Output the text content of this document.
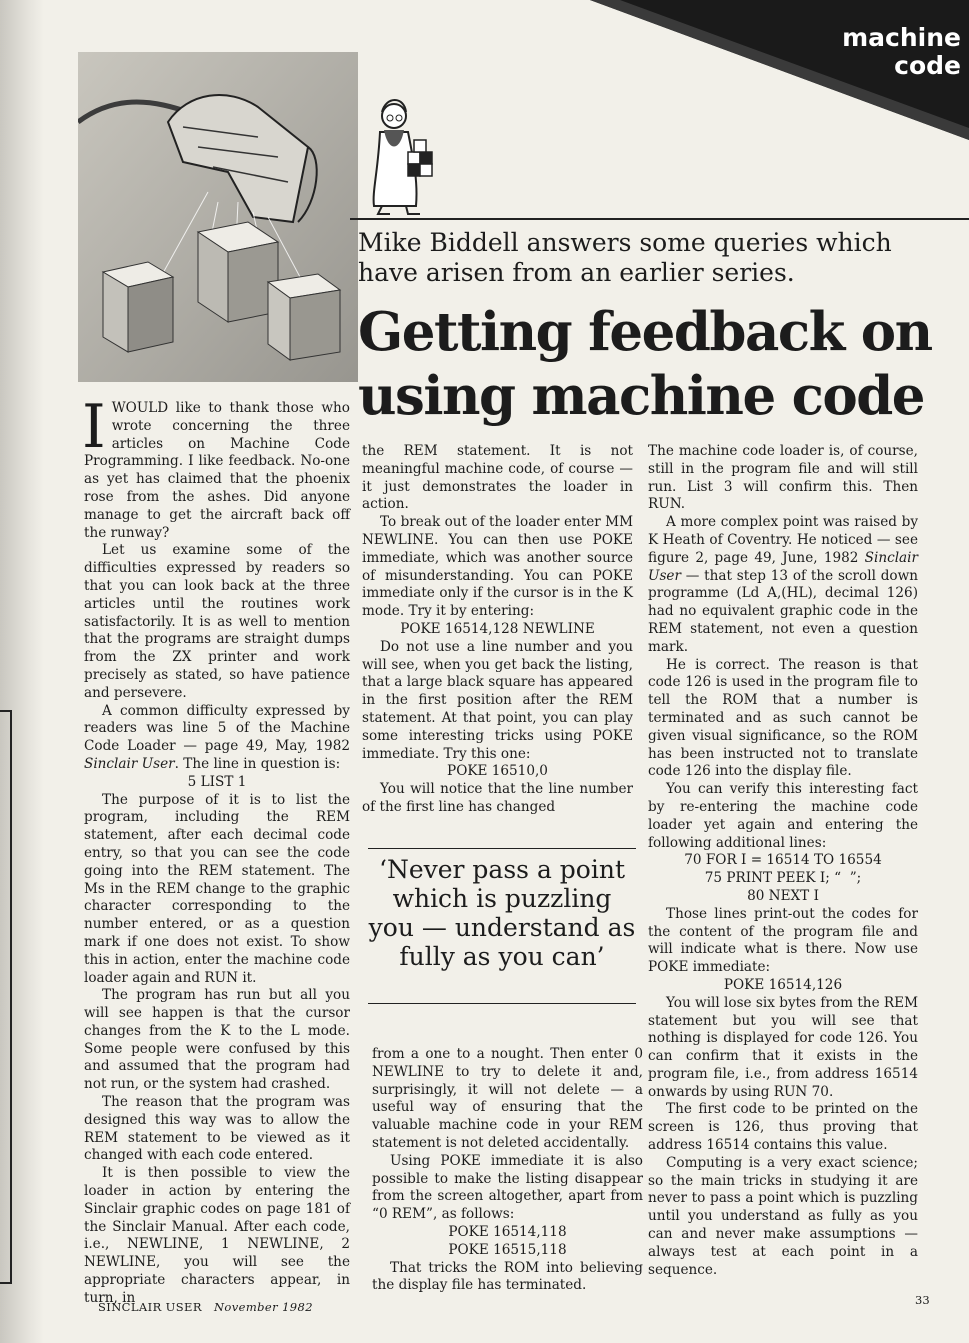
machine
code
Mike Biddell answers some queries which have arisen from an earlier series.
Getting feedback on using machine code

IWOULD like to thank those who wrote concerning the three articles on Machine Code Programming. I like feedback. No-one as yet has claimed that the phoenix rose from the ashes. Did anyone manage to get the aircraft back off the runway?

Let us examine some of the difficulties expressed by readers so that you can look back at the three articles until the routines work satisfactorily. It is as well to mention that the programs are straight dumps from the ZX printer and work precisely as stated, so have patience and persevere.

A common difficulty expressed by readers was line 5 of the Machine Code Loader — page 49, May, 1982 Sinclair User. The line in question is:

5 LIST 1

The purpose of it is to list the program, including the REM statement, after each decimal code entry, so that you can see the code going into the REM statement. The Ms in the REM change to the graphic character corresponding to the number entered, or as a question mark if one does not exist. To show this in action, enter the machine code loader again and RUN it.

The program has run but all you will see happen is that the cursor changes from the K to the L mode. Some people were confused by this and assumed that the program had not run, or the system had crashed.

The reason that the program was designed this way was to allow the REM statement to be viewed as it changed with each code entered.

It is then possible to view the loader in action by entering the Sinclair graphic codes on page 181 of the Sinclair Manual. After each code, i.e., NEWLINE, 1 NEWLINE, 2 NEWLINE, you will see the appropriate characters appear, in turn, in

the REM statement. It is not meaningful machine code, of course — it just demonstrates the loader in action.

To break out of the loader enter MM NEWLINE. You can then use POKE immediate, which was another source of misunderstanding. You can POKE immediate only if the cursor is in the K mode. Try it by entering:

POKE 16514,128 NEWLINE

Do not use a line number and you will see, when you get back the listing, that a large black square has appeared in the first position after the REM statement. At that point, you can play some interesting tricks using POKE immediate. Try this one:

POKE 16510,0

You will notice that the line number of the first line has changed

‘Never pass a point which is puzzling you — understand as fully as you can’

from a one to a nought. Then enter 0 NEWLINE to try to delete it and, surprisingly, it will not delete — a useful way of ensuring that the valuable machine code in your REM statement is not deleted accidentally.

Using POKE immediate it is also possible to make the listing disappear from the screen altogether, apart from “0 REM”, as follows:

POKE 16514,118

POKE 16515,118

That tricks the ROM into believing the display file has terminated.

The machine code loader is, of course, still in the program file and will still run. List 3 will confirm this. Then RUN.

A more complex point was raised by K Heath of Coventry. He noticed — see figure 2, page 49, June, 1982 Sinclair User — that step 13 of the scroll down programme (Ld A,(HL), decimal 126) had no equivalent graphic code in the REM statement, not even a question mark.

He is correct. The reason is that code 126 is used in the program file to tell the ROM that a number is terminated and as such cannot be given visual significance, so the ROM has been instructed not to translate code 126 into the display file.

You can verify this interesting fact by re-entering the machine code loader yet again and entering the following additional lines:

70 FOR I = 16514 TO 16554

75 PRINT PEEK I; “  ”;

80 NEXT I

Those lines print-out the codes for the content of the program file and will indicate what is there. Now use POKE immediate:

POKE 16514,126

You will lose six bytes from the REM statement but you will see that nothing is displayed for code 126. You can confirm that it exists in the program file, i.e., from address 16514 onwards by using RUN 70.

The first code to be printed on the screen is 126, thus proving that address 16514 contains this value.

Computing is a very exact science; so the main tricks in studying it are never to pass a point which is puzzling until you understand as fully as you can and never make assumptions — always test at each point in a sequence.

SINCLAIR USER November 1982	33
